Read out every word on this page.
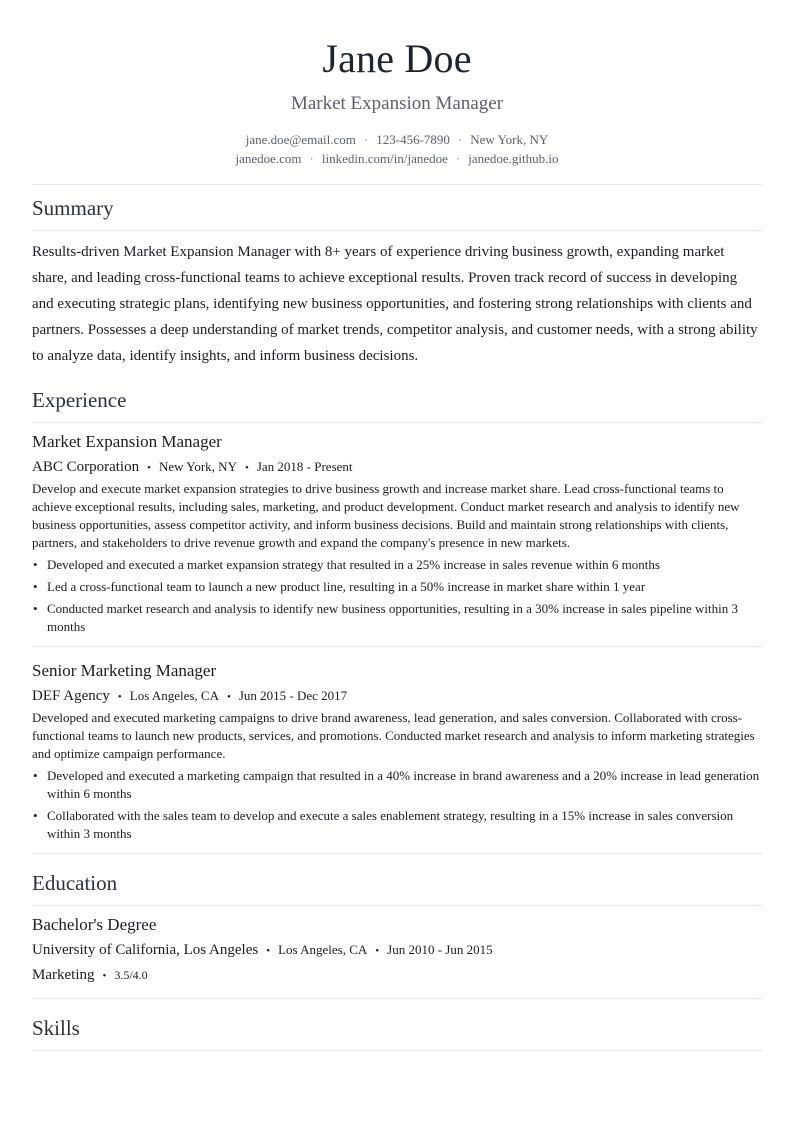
Jane Doe
Market Expansion Manager
jane.doe@email.com · 123-456-7890 · New York, NY
janedoe.com · linkedin.com/in/janedoe · janedoe.github.io
Summary

Results-driven Market Expansion Manager with 8+ years of experience driving business growth, expanding market share, and leading cross-functional teams to achieve exceptional results. Proven track record of success in developing and executing strategic plans, identifying new business opportunities, and fostering strong relationships with clients and partners. Possesses a deep understanding of market trends, competitor analysis, and customer needs, with a strong ability to analyze data, identify insights, and inform business decisions.

Experience
Market Expansion Manager
ABC Corporation • New York, NY • Jan 2018 - Present
Develop and execute market expansion strategies to drive business growth and increase market share. Lead cross-functional teams to achieve exceptional results, including sales, marketing, and product development. Conduct market research and analysis to identify new business opportunities, assess competitor activity, and inform business decisions. Build and maintain strong relationships with clients, partners, and stakeholders to drive revenue growth and expand the company's presence in new markets.
• Developed and executed a market expansion strategy that resulted in a 25% increase in sales revenue within 6 months
• Led a cross-functional team to launch a new product line, resulting in a 50% increase in market share within 1 year
• Conducted market research and analysis to identify new business opportunities, resulting in a 30% increase in sales pipeline within 3 months
Senior Marketing Manager
DEF Agency • Los Angeles, CA • Jun 2015 - Dec 2017
Developed and executed marketing campaigns to drive brand awareness, lead generation, and sales conversion. Collaborated with cross-functional teams to launch new products, services, and promotions. Conducted market research and analysis to inform marketing strategies and optimize campaign performance.
• Developed and executed a marketing campaign that resulted in a 40% increase in brand awareness and a 20% increase in lead generation within 6 months
• Collaborated with the sales team to develop and execute a sales enablement strategy, resulting in a 15% increase in sales conversion within 3 months
Education
Bachelor's Degree
University of California, Los Angeles • Los Angeles, CA • Jun 2010 - Jun 2015
Marketing • 3.5/4.0
Skills
